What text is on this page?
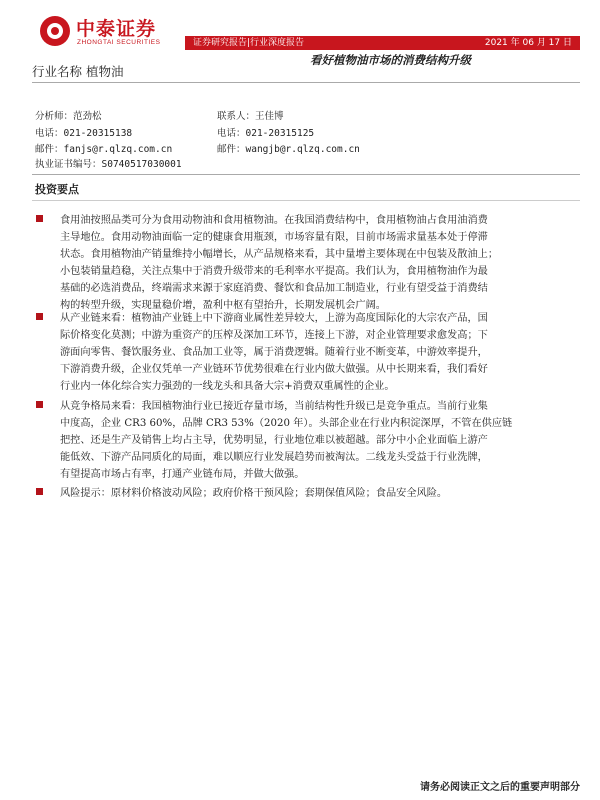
中泰证券
ZHONGTAI SECURITIES	证券研究报告|行业深度报告	2021 年 06 月 17 日
看好植物油市场的消费结构升级
行业名称 植物油
分析师：范劲松
电话：021-20315138
邮件：fanjs@r.qlzq.com.cn
执业证书编号：S0740517030001
联系人：王佳博
电话：021-20315125
邮件：wangjb@r.qlzq.com.cn
投资要点
食用油按照品类可分为食用动物油和食用植物油。在我国消费结构中，食用植物油占食用油消费
主导地位。食用动物油面临一定的健康食用瓶颈，市场容量有限，目前市场需求量基本处于停滞
状态。食用植物油产销量维持小幅增长，从产品规格来看，其中量增主要体现在中包装及散油上；
小包装销量趋稳，关注点集中于消费升级带来的毛利率水平提高。我们认为，食用植物油作为最
基础的必选消费品，终端需求来源于家庭消费、餐饮和食品加工制造业，行业有望受益于消费结
构的转型升级，实现量稳价增，盈利中枢有望抬升，长期发展机会广阔。
从产业链来看：植物油产业链上中下游商业属性差异较大，上游为高度国际化的大宗农产品，国
际价格变化莫测；中游为重资产的压榨及深加工环节，连接上下游，对企业管理要求愈发高；下
游面向零售、餐饮服务业、食品加工业等，属于消费逻辑。随着行业不断变革，中游效率提升，
下游消费升级，企业仅凭单一产业链环节优势很难在行业内做大做强。从中长期来看，我们看好
行业内一体化综合实力强劲的一线龙头和具备大宗+消费双重属性的企业。
从竞争格局来看：我国植物油行业已接近存量市场，当前结构性升级已是竞争重点。当前行业集
中度高，企业 CR3 60%，品牌 CR3 53%（2020 年）。头部企业在行业内积淀深厚，不管在供应链
把控、还是生产及销售上均占主导，优势明显，行业地位难以被超越。部分中小企业面临上游产
能低效、下游产品同质化的局面，难以顺应行业发展趋势而被淘汰。二线龙头受益于行业洗牌，
有望提高市场占有率，打通产业链布局，并做大做强。
风险提示：原材料价格波动风险；政府价格干预风险；套期保值风险；食品安全风险。
请务必阅读正文之后的重要声明部分
